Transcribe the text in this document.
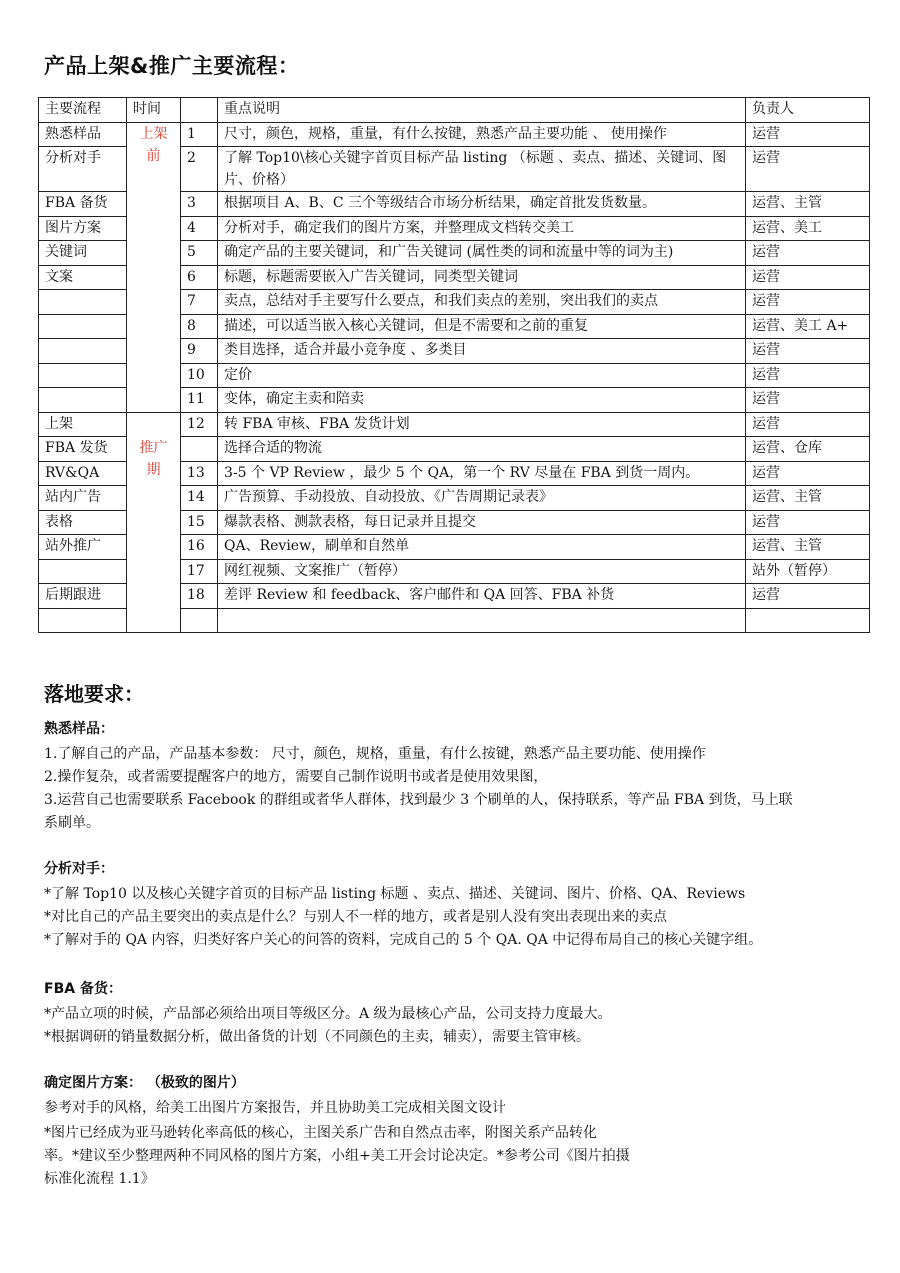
产品上架&推广主要流程：
主要流程	时间		重点说明	负责人
熟悉样品	上架前	1	尺寸，颜色，规格，重量，有什么按键，熟悉产品主要功能 、 使用操作	运营
分析对手		2	了解 Top10\核心关键字首页目标产品 listing （标题 、卖点、描述、关键词、图片、价格）	运营
FBA 备货		3	根据项目 A、B、C 三个等级结合市场分析结果，确定首批发货数量。	运营、主管
图片方案		4	分析对手，确定我们的图片方案，并整理成文档转交美工	运营、美工
关键词		5	确定产品的主要关键词，和广告关键词 (属性类的词和流量中等的词为主)	运营
文案		6	标题，标题需要嵌入广告关键词，同类型关键词	运营
		7	卖点，总结对手主要写什么要点，和我们卖点的差别，突出我们的卖点	运营
		8	描述，可以适当嵌入核心关键词，但是不需要和之前的重复	运营、美工 A+
		9	类目选择，适合并最小竞争度 、多类目	运营
		10	定价	运营
		11	变体，确定主卖和陪卖	运营
上架		12	转 FBA 审核、FBA 发货计划	运营
FBA 发货	推广期		选择合适的物流	运营、仓库
RV&QA		13	3-5 个 VP Review ，最少 5 个 QA，第一个 RV 尽量在 FBA 到货一周内。	运营
站内广告		14	广告预算、手动投放、自动投放、《广告周期记录表》	运营、主管
表格		15	爆款表格、测款表格，每日记录并且提交	运营
站外推广		16	QA、Review，刷单和自然单	运营、主管
		17	网红视频、文案推广（暂停）	站外（暂停）
后期跟进		18	差评 Review 和 feedback、客户邮件和 QA 回答、FBA 补货	运营

落地要求：
熟悉样品：

1.了解自己的产品，产品基本参数： 尺寸，颜色，规格，重量，有什么按键，熟悉产品主要功能、使用操作

2.操作复杂，或者需要提醒客户的地方，需要自己制作说明书或者是使用效果图，

3.运营自己也需要联系 Facebook 的群组或者华人群体，找到最少 3 个刷单的人，保持联系，等产品 FBA 到货，马上联

系刷单。

分析对手：

*了解 Top10 以及核心关键字首页的目标产品 listing 标题 、卖点、描述、关键词、图片、价格、QA、Reviews

*对比自己的产品主要突出的卖点是什么？与别人不一样的地方，或者是别人没有突出表现出来的卖点

*了解对手的 QA 内容，归类好客户关心的问答的资料，完成自己的 5 个 QA. QA 中记得布局自己的核心关键字组。

FBA 备货：

*产品立项的时候，产品部必须给出项目等级区分。A 级为最核心产品，公司支持力度最大。

*根据调研的销量数据分析，做出备货的计划（不同颜色的主卖，辅卖），需要主管审核。

确定图片方案： （极致的图片）

参考对手的风格，给美工出图片方案报告，并且协助美工完成相关图文设计

*图片已经成为亚马逊转化率高低的核心，主图关系广告和自然点击率，附图关系产品转化

率。*建议至少整理两种不同风格的图片方案，小组+美工开会讨论决定。*参考公司《图片拍摄

标准化流程 1.1》
